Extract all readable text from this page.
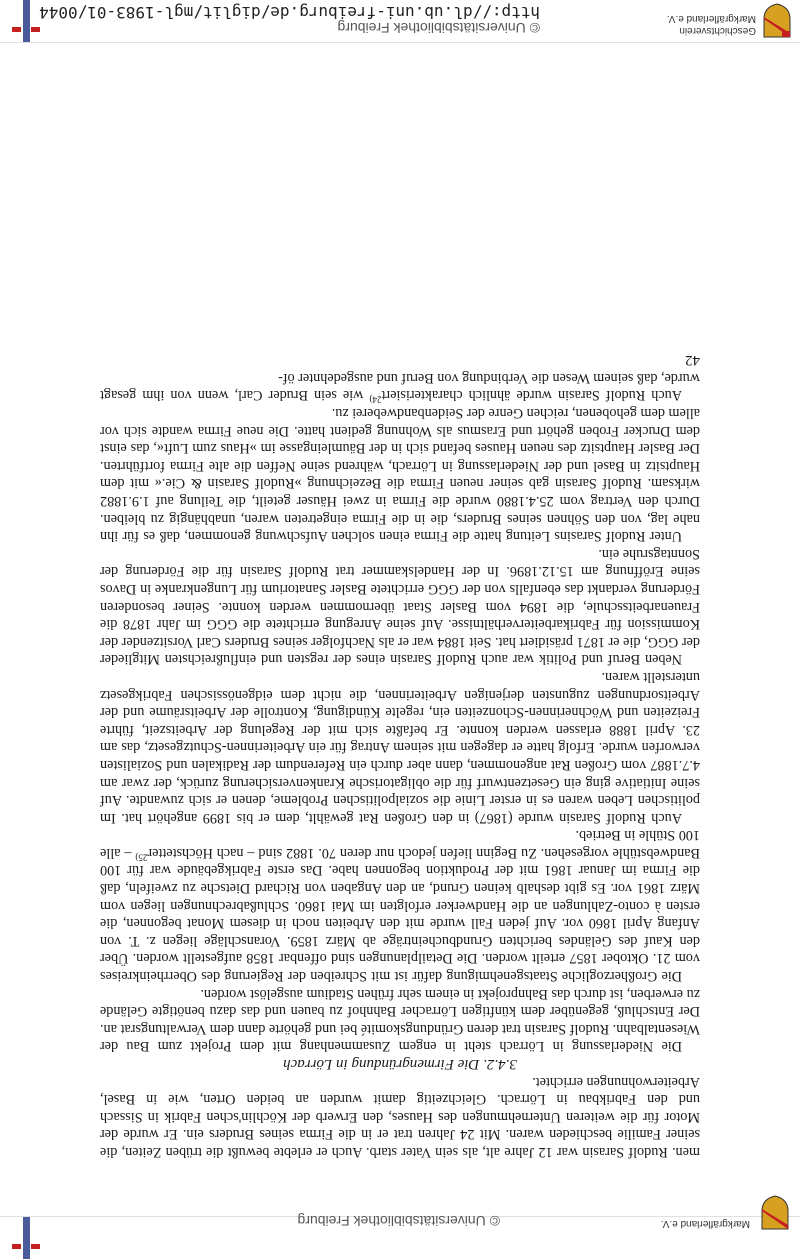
Geschichtsverein
Markgräflerland e.V.
© Universitätsbibliothek Freiburg
http://dl.ub.uni-freiburg.de/diglit/mgl-1983-01/0044

men. Rudolf Sarasin war 12 Jahre alt, als sein Vater starb. Auch er erlebte bewußt die trüben Zeiten, die seiner Familie beschieden waren. Mit 24 Jahren trat er in die Firma seines Bruders ein. Er wurde der Motor für die weiteren Unternehmungen des Hauses, den Erwerb der Köchlin'schen Fabrik in Sissach und den Fabrikbau in Lörrach. Gleichzeitig damit wurden an beiden Orten, wie in Basel, Arbeiterwohnungen errichtet.

3.4.2. Die Firmengründung in Lörrach

Die Niederlassung in Lörrach steht in engem Zusammenhang mit dem Projekt zum Bau der Wiesentalbahn. Rudolf Sarasin trat deren Gründungskomité bei und gehörte dann dem Verwaltungsrat an. Der Entschluß, gegenüber dem künftigen Lörracher Bahnhof zu bauen und das dazu benötigte Gelände zu erwerben, ist durch das Bahnprojekt in einem sehr frühen Stadium ausgelöst worden.

Die Großherzogliche Staatsgenehmigung dafür ist mit Schreiben der Regierung des Oberrheinkreises vom 21. Oktober 1857 erteilt worden. Die Detailplanungen sind offenbar 1858 aufgestellt worden. Über den Kauf des Geländes berichten Grundbucheinträge ab März 1859. Voranschläge liegen z. T. von Anfang April 1860 vor. Auf jeden Fall wurde mit den Arbeiten noch in diesem Monat begonnen, die ersten à conto-Zahlungen an die Handwerker erfolgten im Mai 1860. Schlußabrechnungen liegen vom März 1861 vor. Es gibt deshalb keinen Grund, an den Angaben von Richard Dietsche zu zweifeln, daß die Firma im Januar 1861 mit der Produktion begonnen habe. Das erste Fabrikgebäude war für 100 Bandwebstühle vorgesehen. Zu Beginn liefen jedoch nur deren 70. 1882 sind – nach Höchstetter$^{25)}$ – alle 100 Stühle in Betrieb.

Auch Rudolf Sarasin wurde (1867) in den Großen Rat gewählt, dem er bis 1899 angehört hat. Im politischen Leben waren es in erster Linie die sozialpolitischen Probleme, denen er sich zuwandte. Auf seine Initiative ging ein Gesetzentwurf für die obligatorische Krankenversicherung zurück, der zwar am 4.7.1887 vom Großen Rat angenommen, dann aber durch ein Referendum der Radikalen und Sozialisten verworfen wurde. Erfolg hatte er dagegen mit seinem Antrag für ein Arbeiterinnen-Schutzgesetz, das am 23. April 1888 erlassen werden konnte. Er befaßte sich mit der Regelung der Arbeitszeit, führte Freizeiten und Wöchnerinnen-Schonzeiten ein, regelte Kündigung, Kontrolle der Arbeitsräume und der Arbeitsordnungen zugunsten derjenigen Arbeiterinnen, die nicht dem eidgenössischen Fabrikgesetz unterstellt waren.

Neben Beruf und Politik war auch Rudolf Sarasin eines der regsten und einflußreichsten Mitglieder der GGG, die er 1871 präsidiert hat. Seit 1884 war er als Nachfolger seines Bruders Carl Vorsitzender der Kommission für Fabrikarbeiterverhältnisse. Auf seine Anregung errichtete die GGG im Jahr 1878 die Frauenarbeitsschule, die 1894 vom Basler Staat übernommen werden konnte. Seiner besonderen Förderung verdankt das ebenfalls von der GGG errichtete Basler Sanatorium für Lungenkranke in Davos seine Eröffnung am 15.12.1896. In der Handelskammer trat Rudolf Sarasin für die Förderung der Sonntagsruhe ein.

Unter Rudolf Sarasins Leitung hatte die Firma einen solchen Aufschwung genommen, daß es für ihn nahe lag, von den Söhnen seines Bruders, die in die Firma eingetreten waren, unabhängig zu bleiben. Durch den Vertrag vom 25.4.1880 wurde die Firma in zwei Häuser geteilt, die Teilung auf 1.9.1882 wirksam. Rudolf Sarasin gab seiner neuen Firma die Bezeichnung »Rudolf Sarasin & Cie.« mit dem Hauptsitz in Basel und der Niederlassung in Lörrach, während seine Neffen die alte Firma fortführten. Der Basler Hauptsitz des neuen Hauses befand sich in der Bäumleingasse im »Haus zum Luft«, das einst dem Drucker Froben gehört und Erasmus als Wohnung gedient hatte. Die neue Firma wandte sich vor allem dem gehobenen, reichen Genre der Seidenbandweberei zu.

Auch Rudolf Sarasin wurde ähnlich charakterisiert$^{24)}$ wie sein Bruder Carl, wenn von ihm gesagt wurde, daß seinem Wesen die Verbindung von Beruf und ausgedehnter öf-

42

Markgräflerland e.V.
© Universitätsbibliothek Freiburg
